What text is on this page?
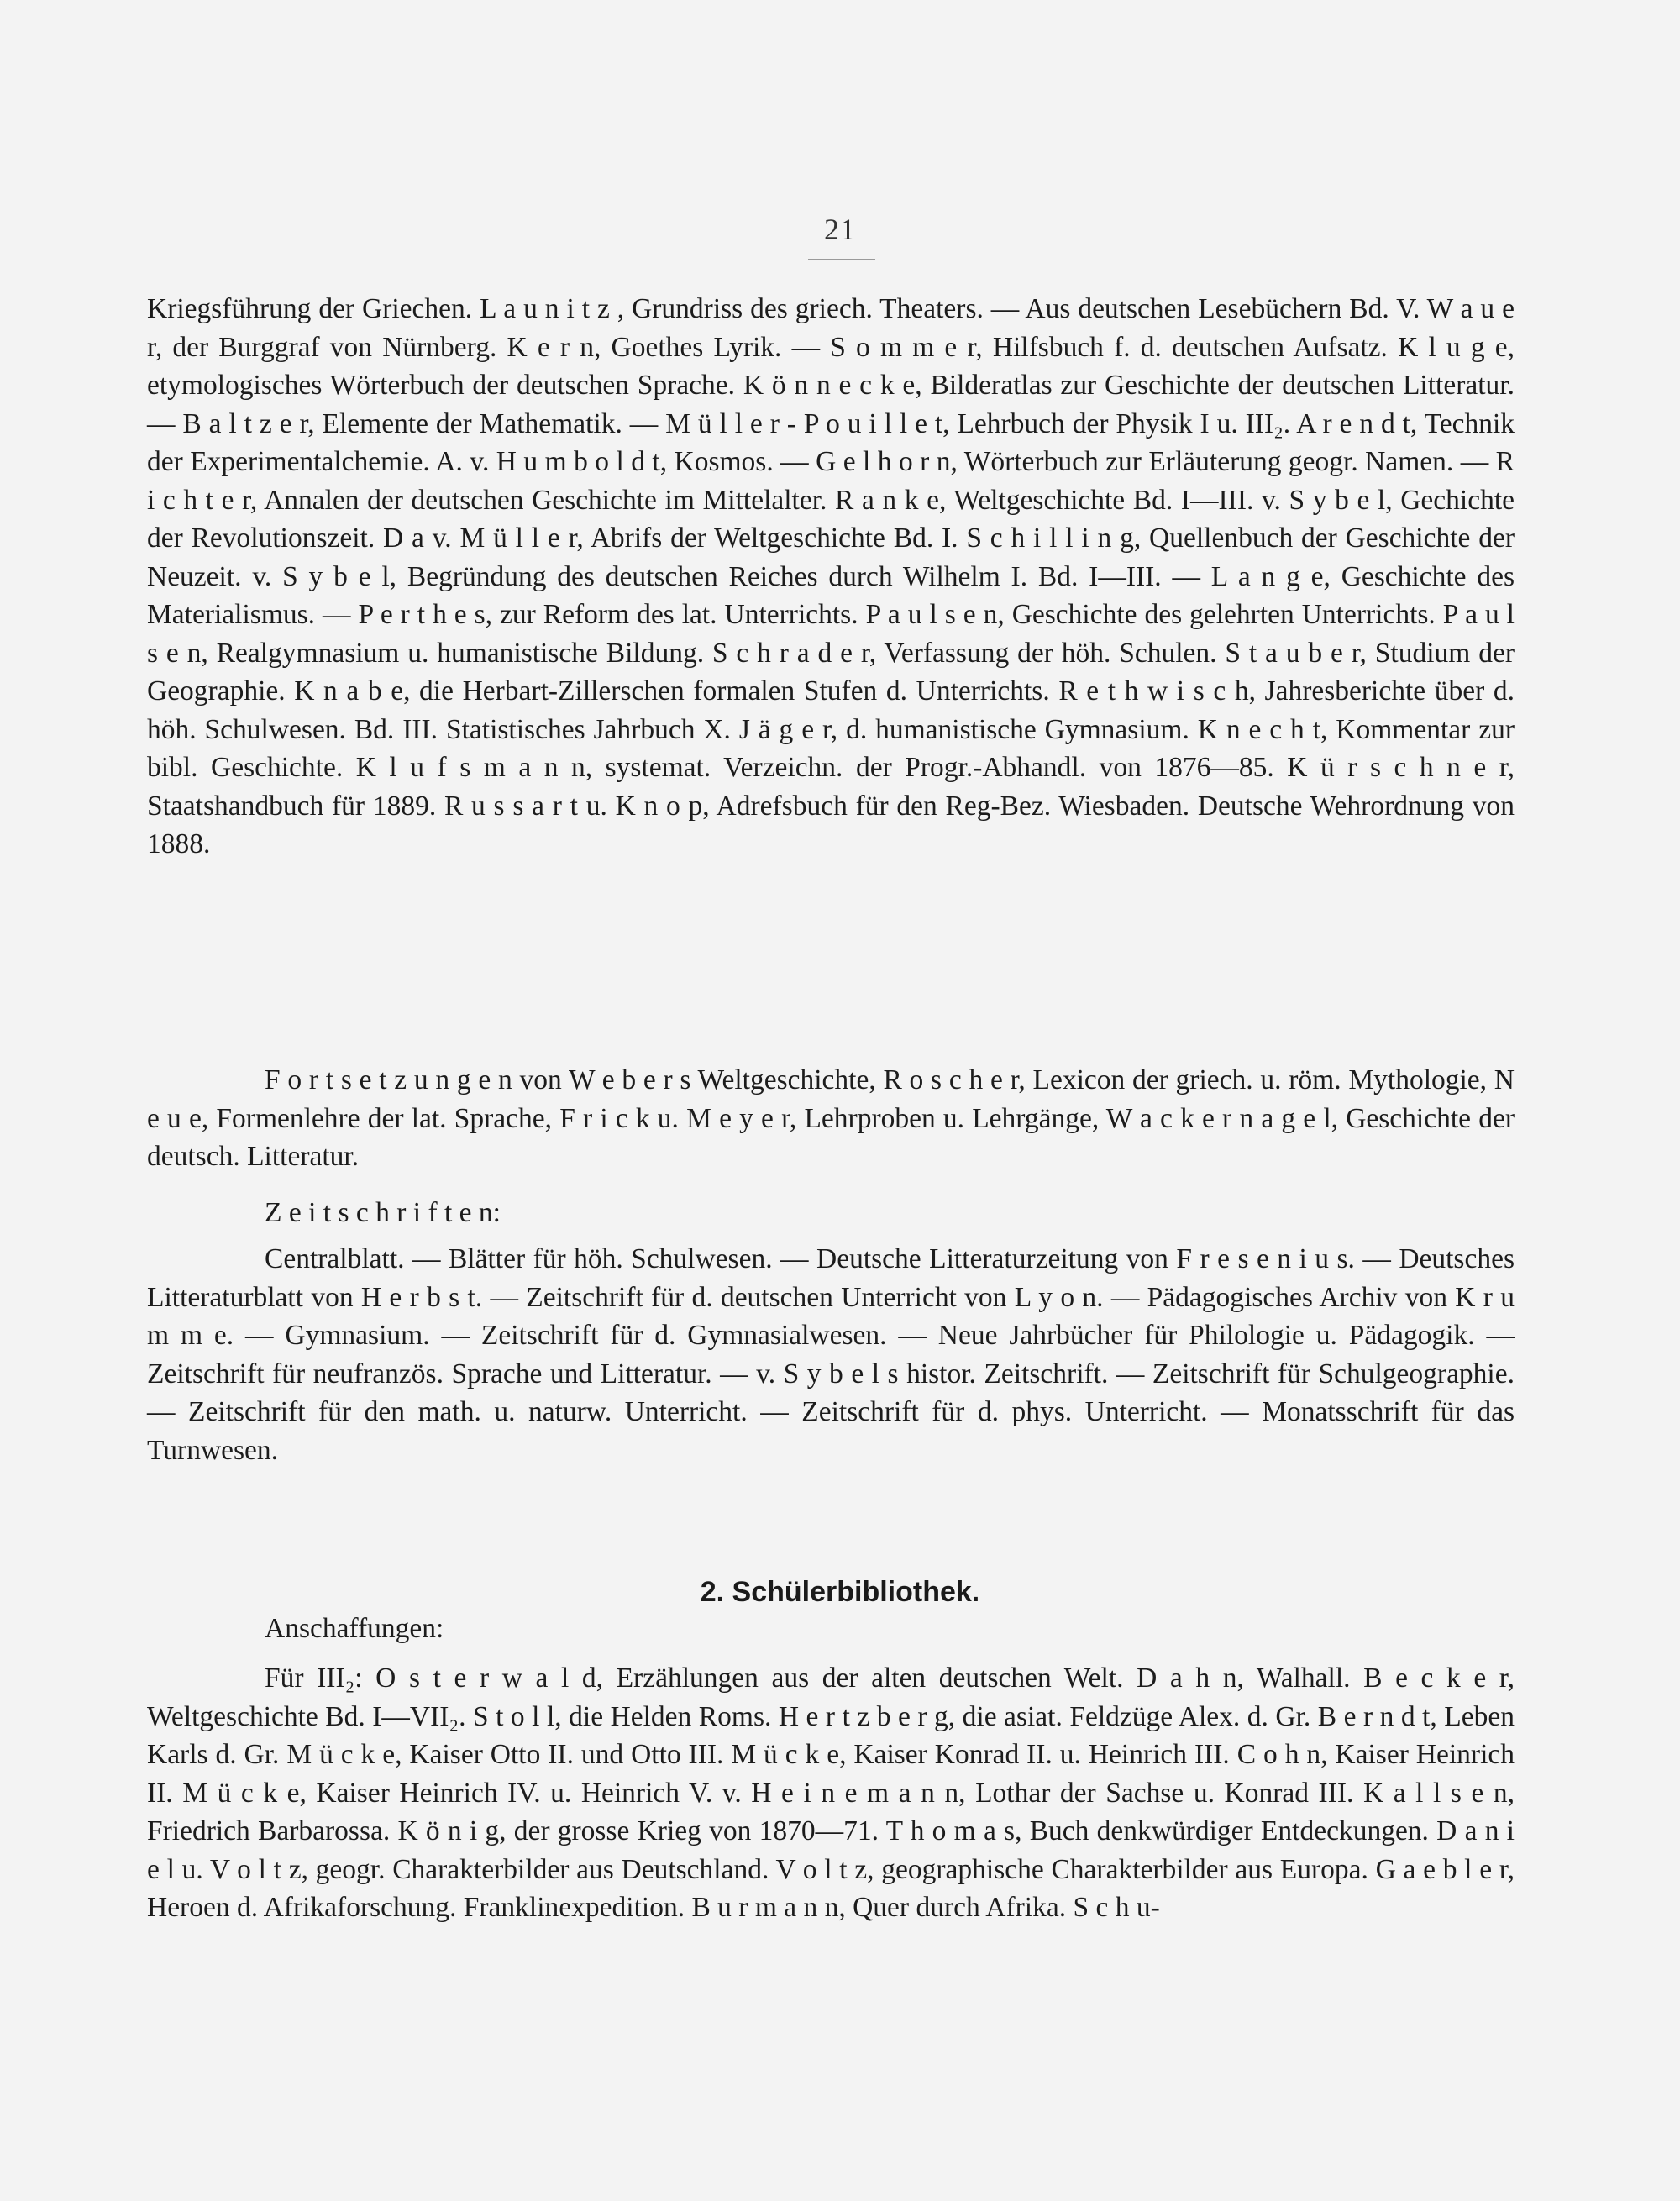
21

Kriegsführung der Griechen. L a u n i t z , Grundriss des griech. Theaters. — Aus deutschen Lesebüchern Bd. V. W a u e r, der Burggraf von Nürnberg. K e r n, Goethes Lyrik. — S o m m e r, Hilfsbuch f. d. deutschen Aufsatz. K l u g e, etymologisches Wörterbuch der deutschen Sprache. K ö n n e c k e, Bilderatlas zur Geschichte der deutschen Litteratur. — B a l t z e r, Elemente der Mathematik. — M ü l l e r - P o u i l l e t, Lehrbuch der Physik I u. III₂. A r e n d t, Technik der Experimentalchemie. A. v. H u m b o l d t, Kosmos. — G e l h o r n, Wörterbuch zur Erläuterung geogr. Namen. — R i c h t e r, Annalen der deutschen Geschichte im Mittelalter. R a n k e, Weltgeschichte Bd. I—III. v. S y b e l, Gechichte der Revolutionszeit. D a v. M ü l l e r, Abrifs der Weltgeschichte Bd. I. S c h i l l i n g, Quellenbuch der Geschichte der Neuzeit. v. S y b e l, Begründung des deutschen Reiches durch Wilhelm I. Bd. I—III. — L a n g e, Geschichte des Materialismus. — P e r t h e s, zur Reform des lat. Unterrichts. P a u l s e n, Geschichte des gelehrten Unterrichts. P a u l s e n, Realgymnasium u. humanistische Bildung. S c h r a d e r, Verfassung der höh. Schulen. S t a u b e r, Studium der Geographie. K n a b e, die Herbart-Zillerschen formalen Stufen d. Unterrichts. R e t h w i s c h, Jahresberichte über d. höh. Schulwesen. Bd. III. Statistisches Jahrbuch X. J ä g e r, d. humanistische Gymnasium. K n e c h t, Kommentar zur bibl. Geschichte. K l u f s m a n n, systemat. Verzeichn. der Progr.-Abhandl. von 1876—85. K ü r s c h n e r, Staatshandbuch für 1889. R u s s a r t u. K n o p, Adrefsbuch für den Reg-Bez. Wiesbaden. Deutsche Wehrordnung von 1888.

F o r t s e t z u n g e n von W e b e r s Weltgeschichte, R o s c h e r, Lexicon der griech. u. röm. Mythologie, N e u e, Formenlehre der lat. Sprache, F r i c k u. M e y e r, Lehrproben u. Lehrgänge, W a c k e r n a g e l, Geschichte der deutsch. Litteratur.

Z e i t s c h r i f t e n:

Centralblatt. — Blätter für höh. Schulwesen. — Deutsche Litteraturzeitung von F r e s e n i u s. — Deutsches Litteraturblatt von H e r b s t. — Zeitschrift für d. deutschen Unterricht von L y o n. — Pädagogisches Archiv von K r u m m e. — Gymnasium. — Zeitschrift für d. Gymnasialwesen. — Neue Jahrbücher für Philologie u. Pädagogik. — Zeitschrift für neufranzös. Sprache und Litteratur. — v. S y b e l s histor. Zeitschrift. — Zeitschrift für Schulgeographie. — Zeitschrift für den math. u. naturw. Unterricht. — Zeitschrift für d. phys. Unterricht. — Monatsschrift für das Turnwesen.

2. Schülerbibliothek.
Anschaffungen:

Für III₂: O s t e r w a l d, Erzählungen aus der alten deutschen Welt. D a h n, Walhall. B e c k e r, Weltgeschichte Bd. I—VII₂. S t o l l, die Helden Roms. H e r t z b e r g, die asiat. Feldzüge Alex. d. Gr. B e r n d t, Leben Karls d. Gr. M ü c k e, Kaiser Otto II. und Otto III. M ü c k e, Kaiser Konrad II. u. Heinrich III. C o h n, Kaiser Heinrich II. M ü c k e, Kaiser Heinrich IV. u. Heinrich V. v. H e i n e m a n n, Lothar der Sachse u. Konrad III. K a l l s e n, Friedrich Barbarossa. K ö n i g, der grosse Krieg von 1870—71. T h o m a s, Buch denkwürdiger Entdeckungen. D a n i e l u. V o l t z, geogr. Charakterbilder aus Deutschland. V o l t z, geographische Charakterbilder aus Europa. G a e b l e r, Heroen d. Afrikaforschung. Franklinexpedition. B u r m a n n, Quer durch Afrika. S c h u-
